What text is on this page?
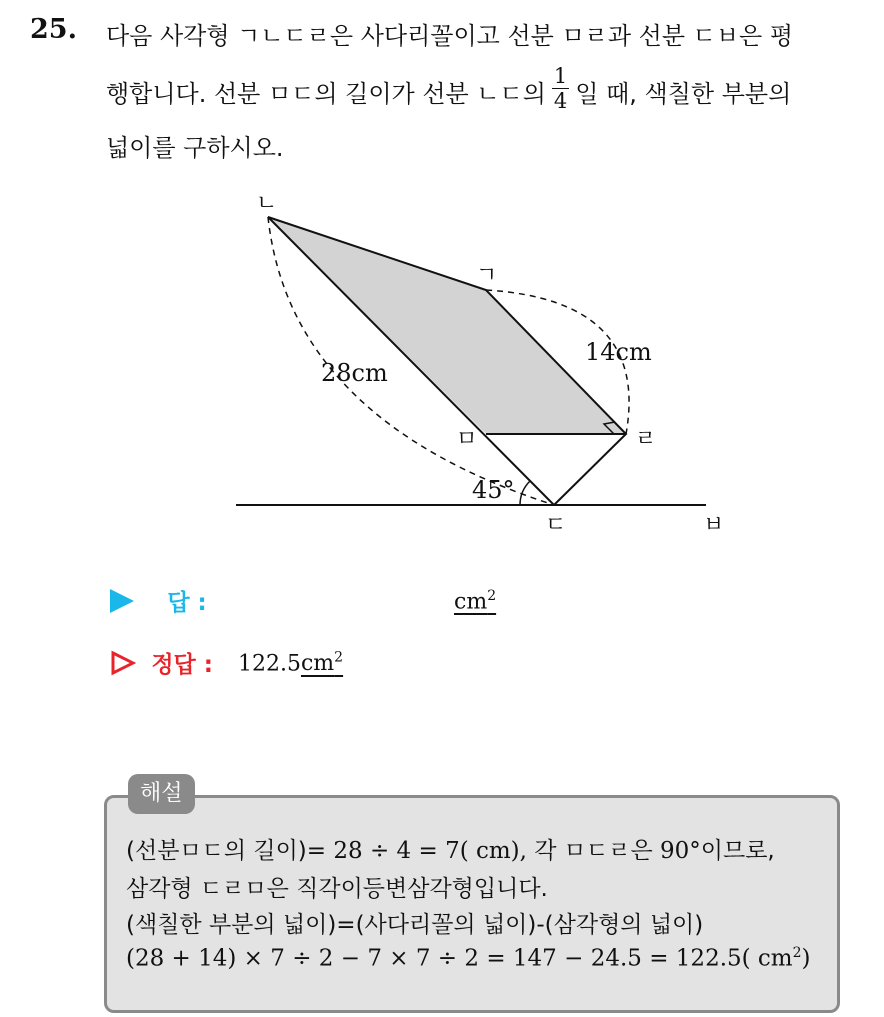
25. 다음 사각형 ㄱㄴㄷㄹ은 사다리꼴이고 선분 ㅁㄹ과 선분 ㄷㅂ은 평
행합니다. 선분 ㅁㄷ의 길이가 선분 ㄴㄷ의 $\frac{1}{4}$ 일 때, 색칠한 부분의
넓이를 구하시오.
ㄴ
ㄱ
ㅁ	ㄹ
ㄷ	ㅂ
28cm
14cm
45°
답 :	$cm^2$
정답 : $122.5cm^2$
해설
(선분ㅁㄷ의 길이)= 28 ÷ 4 = 7( cm), 각 ㅁㄷㄹ은 90°이므로,
삼각형 ㄷㄹㅁ은 직각이등변삼각형입니다.
(색칠한 부분의 넓이)=(사다리꼴의 넓이)-(삼각형의 넓이)
(28 + 14) × 7 ÷ 2 − 7 × 7 ÷ 2 = 147 − 24.5 = 122.5( $cm^2$)
